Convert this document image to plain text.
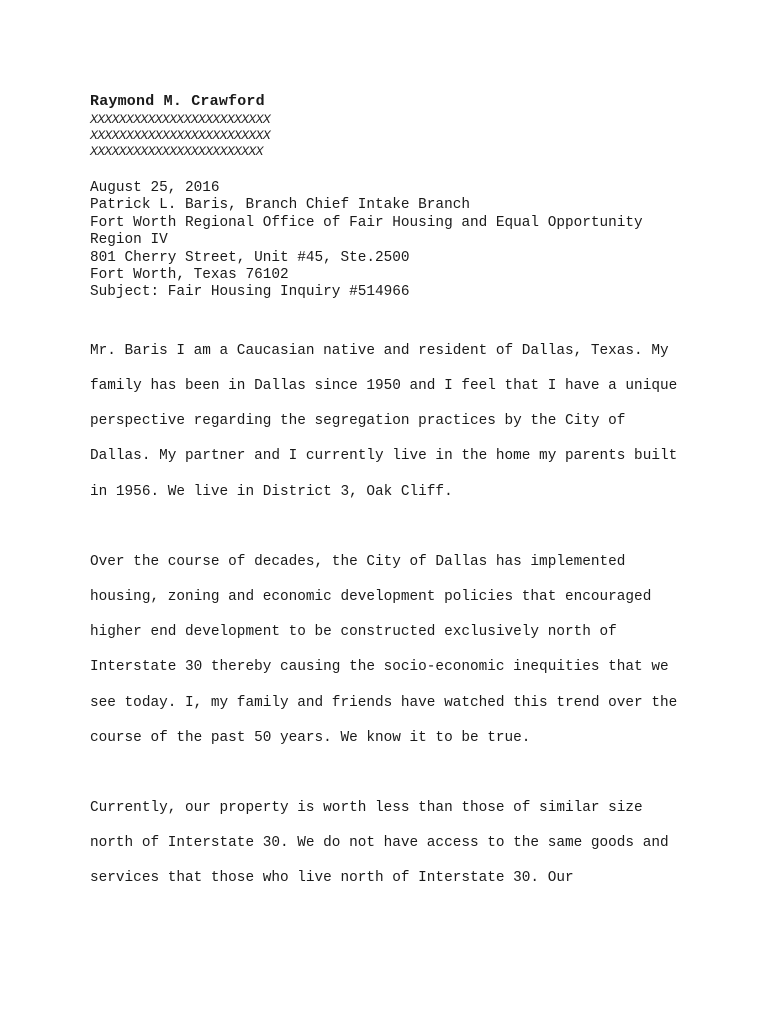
Raymond M. Crawford
XXXXXXXXXXXXXXXXXXXXXXXXX
XXXXXXXXXXXXXXXXXXXXXXXXX
XXXXXXXXXXXXXXXXXXXXXXXX
August 25, 2016
Patrick L. Baris, Branch Chief Intake Branch
Fort Worth Regional Office of Fair Housing and Equal Opportunity
Region IV
801 Cherry Street, Unit #45, Ste.2500
Fort Worth, Texas 76102
Subject: Fair Housing Inquiry #514966

Mr. Baris I am a Caucasian native and resident of Dallas, Texas. My family has been in Dallas since 1950 and I feel that I have a unique perspective regarding the segregation practices by the City of Dallas. My partner and I currently live in the home my parents built in 1956. We live in District 3, Oak Cliff.

Over the course of decades, the City of Dallas has implemented housing, zoning and economic development policies that encouraged higher end development to be constructed exclusively north of Interstate 30 thereby causing the socio-economic inequities that we see today. I, my family and friends have watched this trend over the course of the past 50 years. We know it to be true.

Currently, our property is worth less than those of similar size north of Interstate 30. We do not have access to the same goods and services that those who live north of Interstate 30. Our
